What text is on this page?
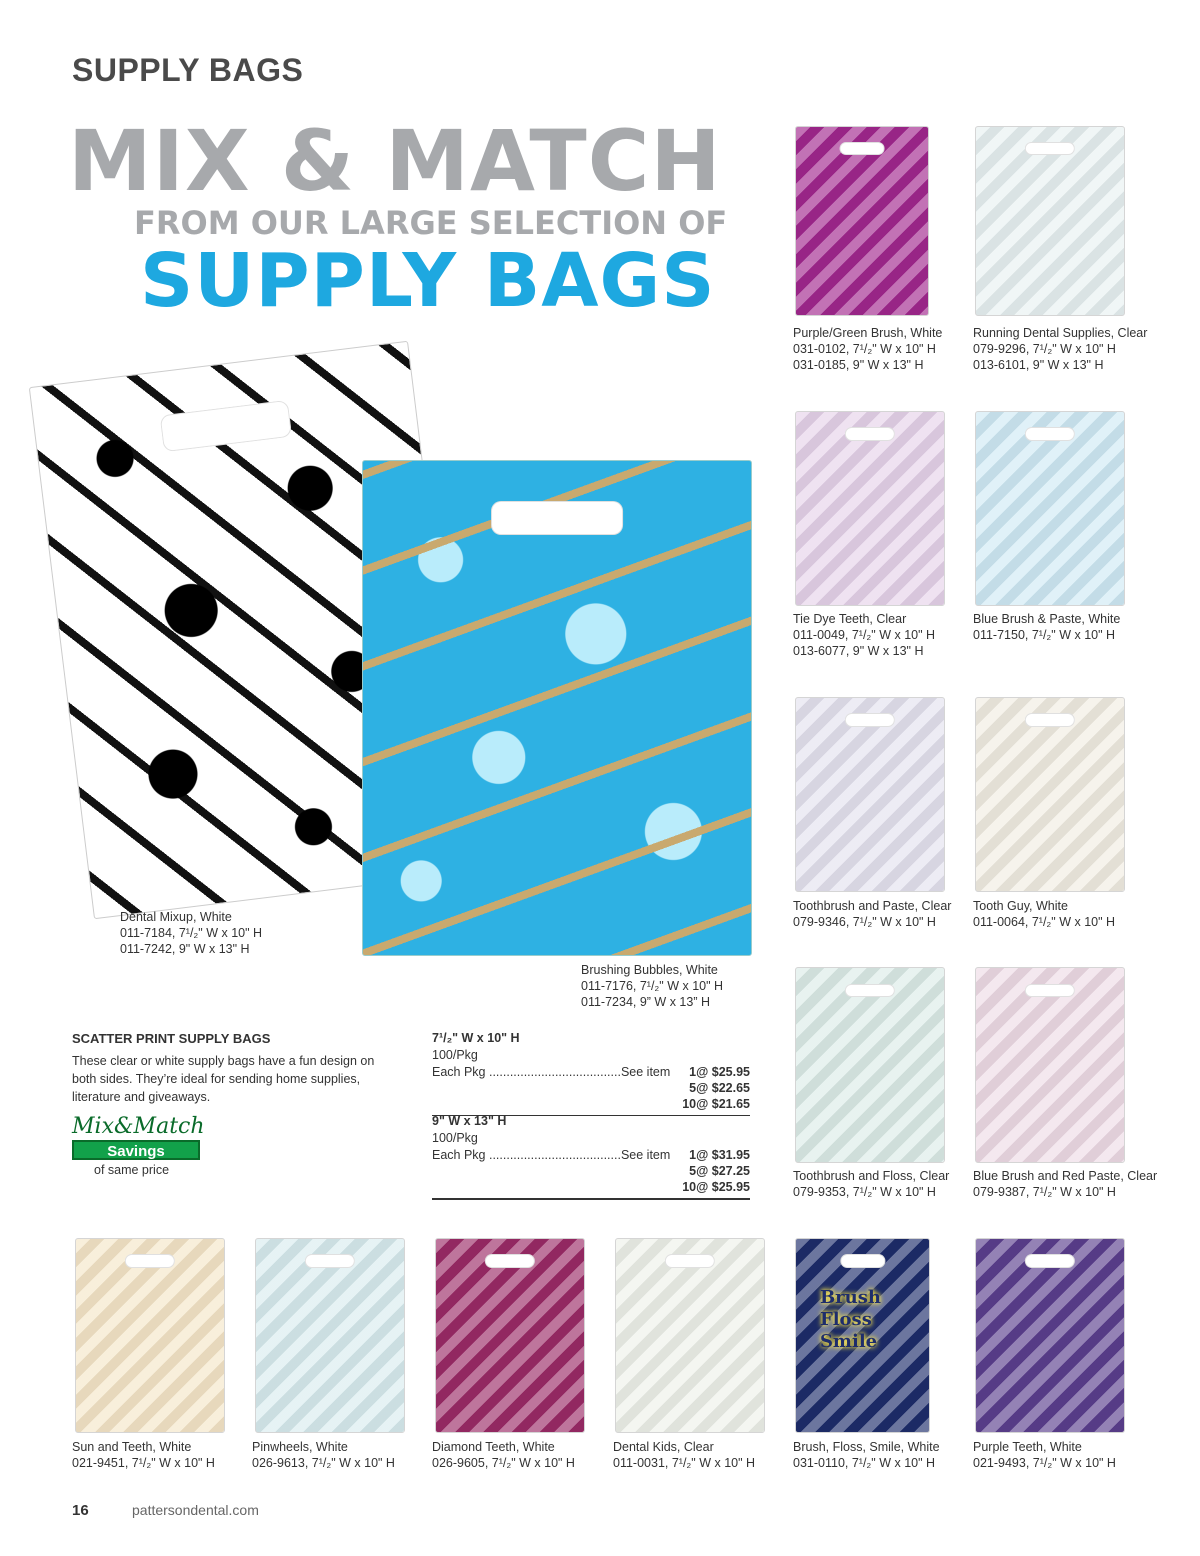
SUPPLY BAGS
MIX & MATCH
FROM OUR LARGE SELECTION OF
SUPPLY BAGS
Dental Mixup, White
011-7184, 7¹/₂" W x 10" H
011-7242, 9" W x 13" H
Brushing Bubbles, White
011-7176, 7¹/₂" W x 10" H
011-7234, 9” W x 13” H
Purple/Green Brush, White
031-0102, 7¹/₂" W x 10" H
031-0185, 9" W x 13" H
Running Dental Supplies, Clear
079-9296, 7¹/₂" W x 10" H
013-6101, 9" W x 13" H
Tie Dye Teeth, Clear
011-0049, 7¹/₂" W x 10" H
013-6077, 9" W x 13" H
Blue Brush & Paste, White
011-7150, 7¹/₂" W x 10" H
Toothbrush and Paste, Clear
079-9346, 7¹/₂" W x 10" H
Tooth Guy, White
011-0064, 7¹/₂" W x 10" H
Toothbrush and Floss, Clear
079-9353, 7¹/₂" W x 10" H
Blue Brush and Red Paste, Clear
079-9387, 7¹/₂" W x 10" H
Sun and Teeth, White
021-9451, 7¹/₂" W x 10" H
Pinwheels, White
026-9613, 7¹/₂" W x 10" H
Diamond Teeth, White
026-9605, 7¹/₂" W x 10" H
Dental Kids, Clear
011-0031, 7¹/₂" W x 10" H
Brush
Floss
Smile
Brush, Floss, Smile, White
031-0110, 7¹/₂" W x 10" H
Purple Teeth, White
021-9493, 7¹/₂" W x 10" H
SCATTER PRINT SUPPLY BAGS
These clear or white supply bags have a fun design on both sides. They’re ideal for sending home supplies, literature and giveaways.
Mix&Match
Savings
of same price
7¹/₂" W x 10" H
100/Pkg
Each Pkg ......................................See item 1@ $25.95
5@ $22.65
10@ $21.65
9" W x 13" H
100/Pkg
Each Pkg ......................................See item 1@ $31.95
5@ $27.25
10@ $25.95
16	pattersondental.com
